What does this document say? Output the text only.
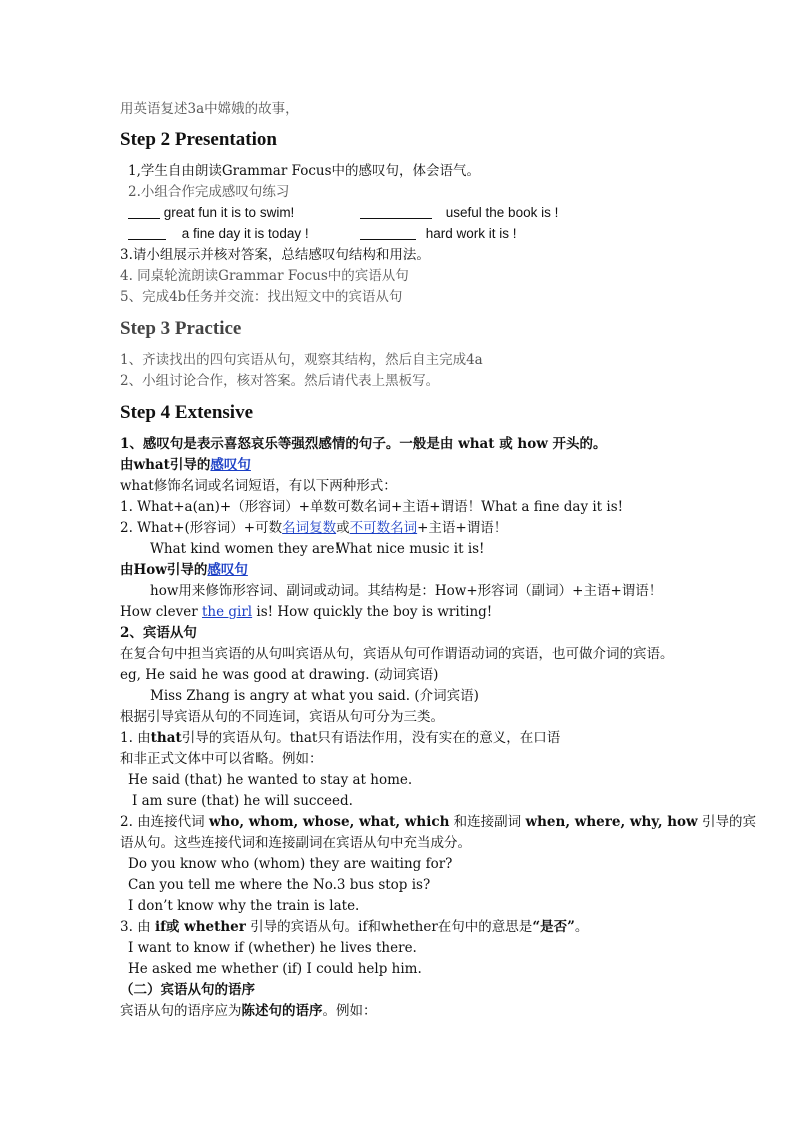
用英语复述3a中嫦娥的故事，
Step 2 Presentation
1,学生自由朗读Grammar Focus中的感叹句，体会语气。
2.小组合作完成感叹句练习
great fun it is to swim!	useful the book is !
a fine day it is today !	hard work it is !
3.请小组展示并核对答案，总结感叹句结构和用法。
4. 同桌轮流朗读Grammar Focus中的宾语从句
5、完成4b任务并交流：找出短文中的宾语从句
Step 3 Practice
1、齐读找出的四句宾语从句，观察其结构，然后自主完成4a
2、小组讨论合作，核对答案。然后请代表上黑板写。
Step 4 Extensive
1、感叹句是表示喜怒哀乐等强烈感情的句子。一般是由 what 或 how 开头的。
由what引导的感叹句
what修饰名词或名词短语，有以下两种形式：
1. What+a(an)+（形容词）+单数可数名词+主语+谓语！What a fine day it is!
2. What+(形容词）+可数名词复数或不可数名词+主语+谓语！
What kind women they are!
What nice music it is!
由How引导的感叹句
how用来修饰形容词、副词或动词。其结构是：How+形容词（副词）+主语+谓语！
How clever the girl is! How quickly the boy is writing!
2、宾语从句
在复合句中担当宾语的从句叫宾语从句，宾语从句可作谓语动词的宾语，也可做介词的宾语。
eg, He said he was good at drawing. (动词宾语)
Miss Zhang is angry at what you said. (介词宾语)
根据引导宾语从句的不同连词，宾语从句可分为三类。
1. 由that引导的宾语从句。that只有语法作用，没有实在的意义，在口语
和非正式文体中可以省略。例如：
He said (that) he wanted to stay at home.
I am sure (that) he will succeed.
2. 由连接代词 who, whom, whose, what, which 和连接副词 when, where, why, how 引导的宾
语从句。这些连接代词和连接副词在宾语从句中充当成分。
Do you know who (whom) they are waiting for?
Can you tell me where the No.3 bus stop is?
I don’t know why the train is late.
3. 由 if或 whether 引导的宾语从句。if和whether在句中的意思是“是否”。
I want to know if (whether) he lives there.
He asked me whether (if) I could help him.
（二）宾语从句的语序
宾语从句的语序应为陈述句的语序。例如：
